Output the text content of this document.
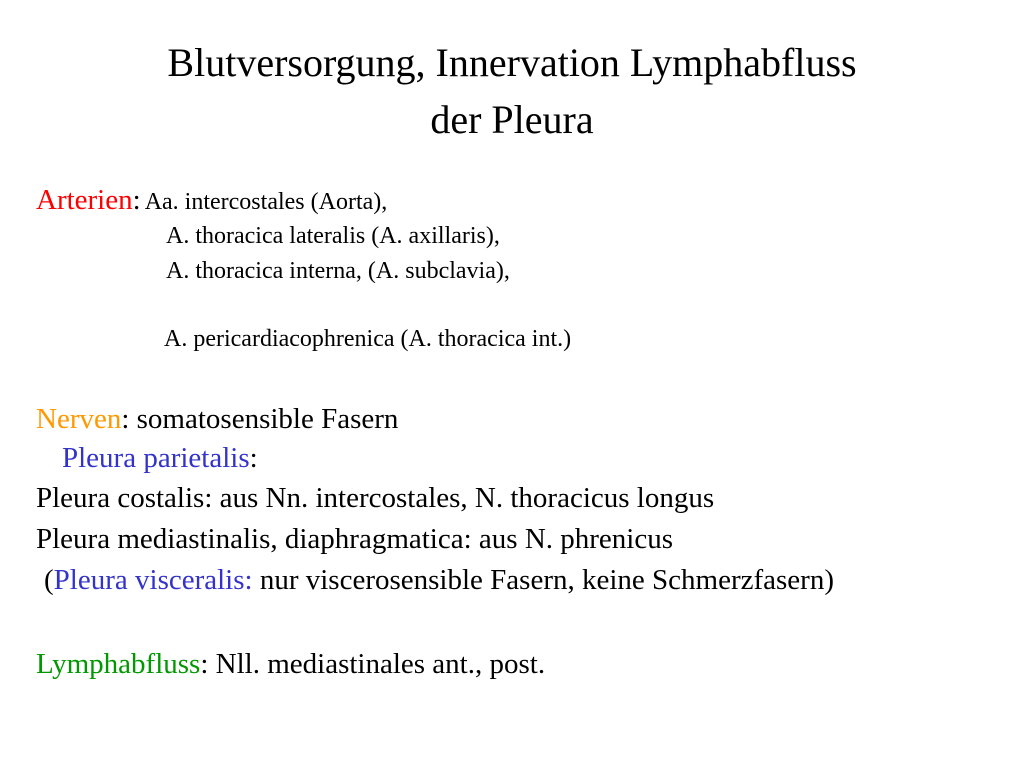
Blutversorgung, Innervation Lymphabfluss
der Pleura
Arterien: Aa. intercostales (Aorta),
A. thoracica lateralis (A. axillaris),
A. thoracica interna, (A. subclavia),
A. pericardiacophrenica (A. thoracica int.)
Nerven: somatosensible Fasern
Pleura parietalis:
Pleura costalis: aus Nn. intercostales, N. thoracicus longus
Pleura mediastinalis, diaphragmatica: aus N. phrenicus
(Pleura visceralis: nur viscerosensible Fasern, keine Schmerzfasern)
Lymphabfluss: Nll. mediastinales ant., post.
